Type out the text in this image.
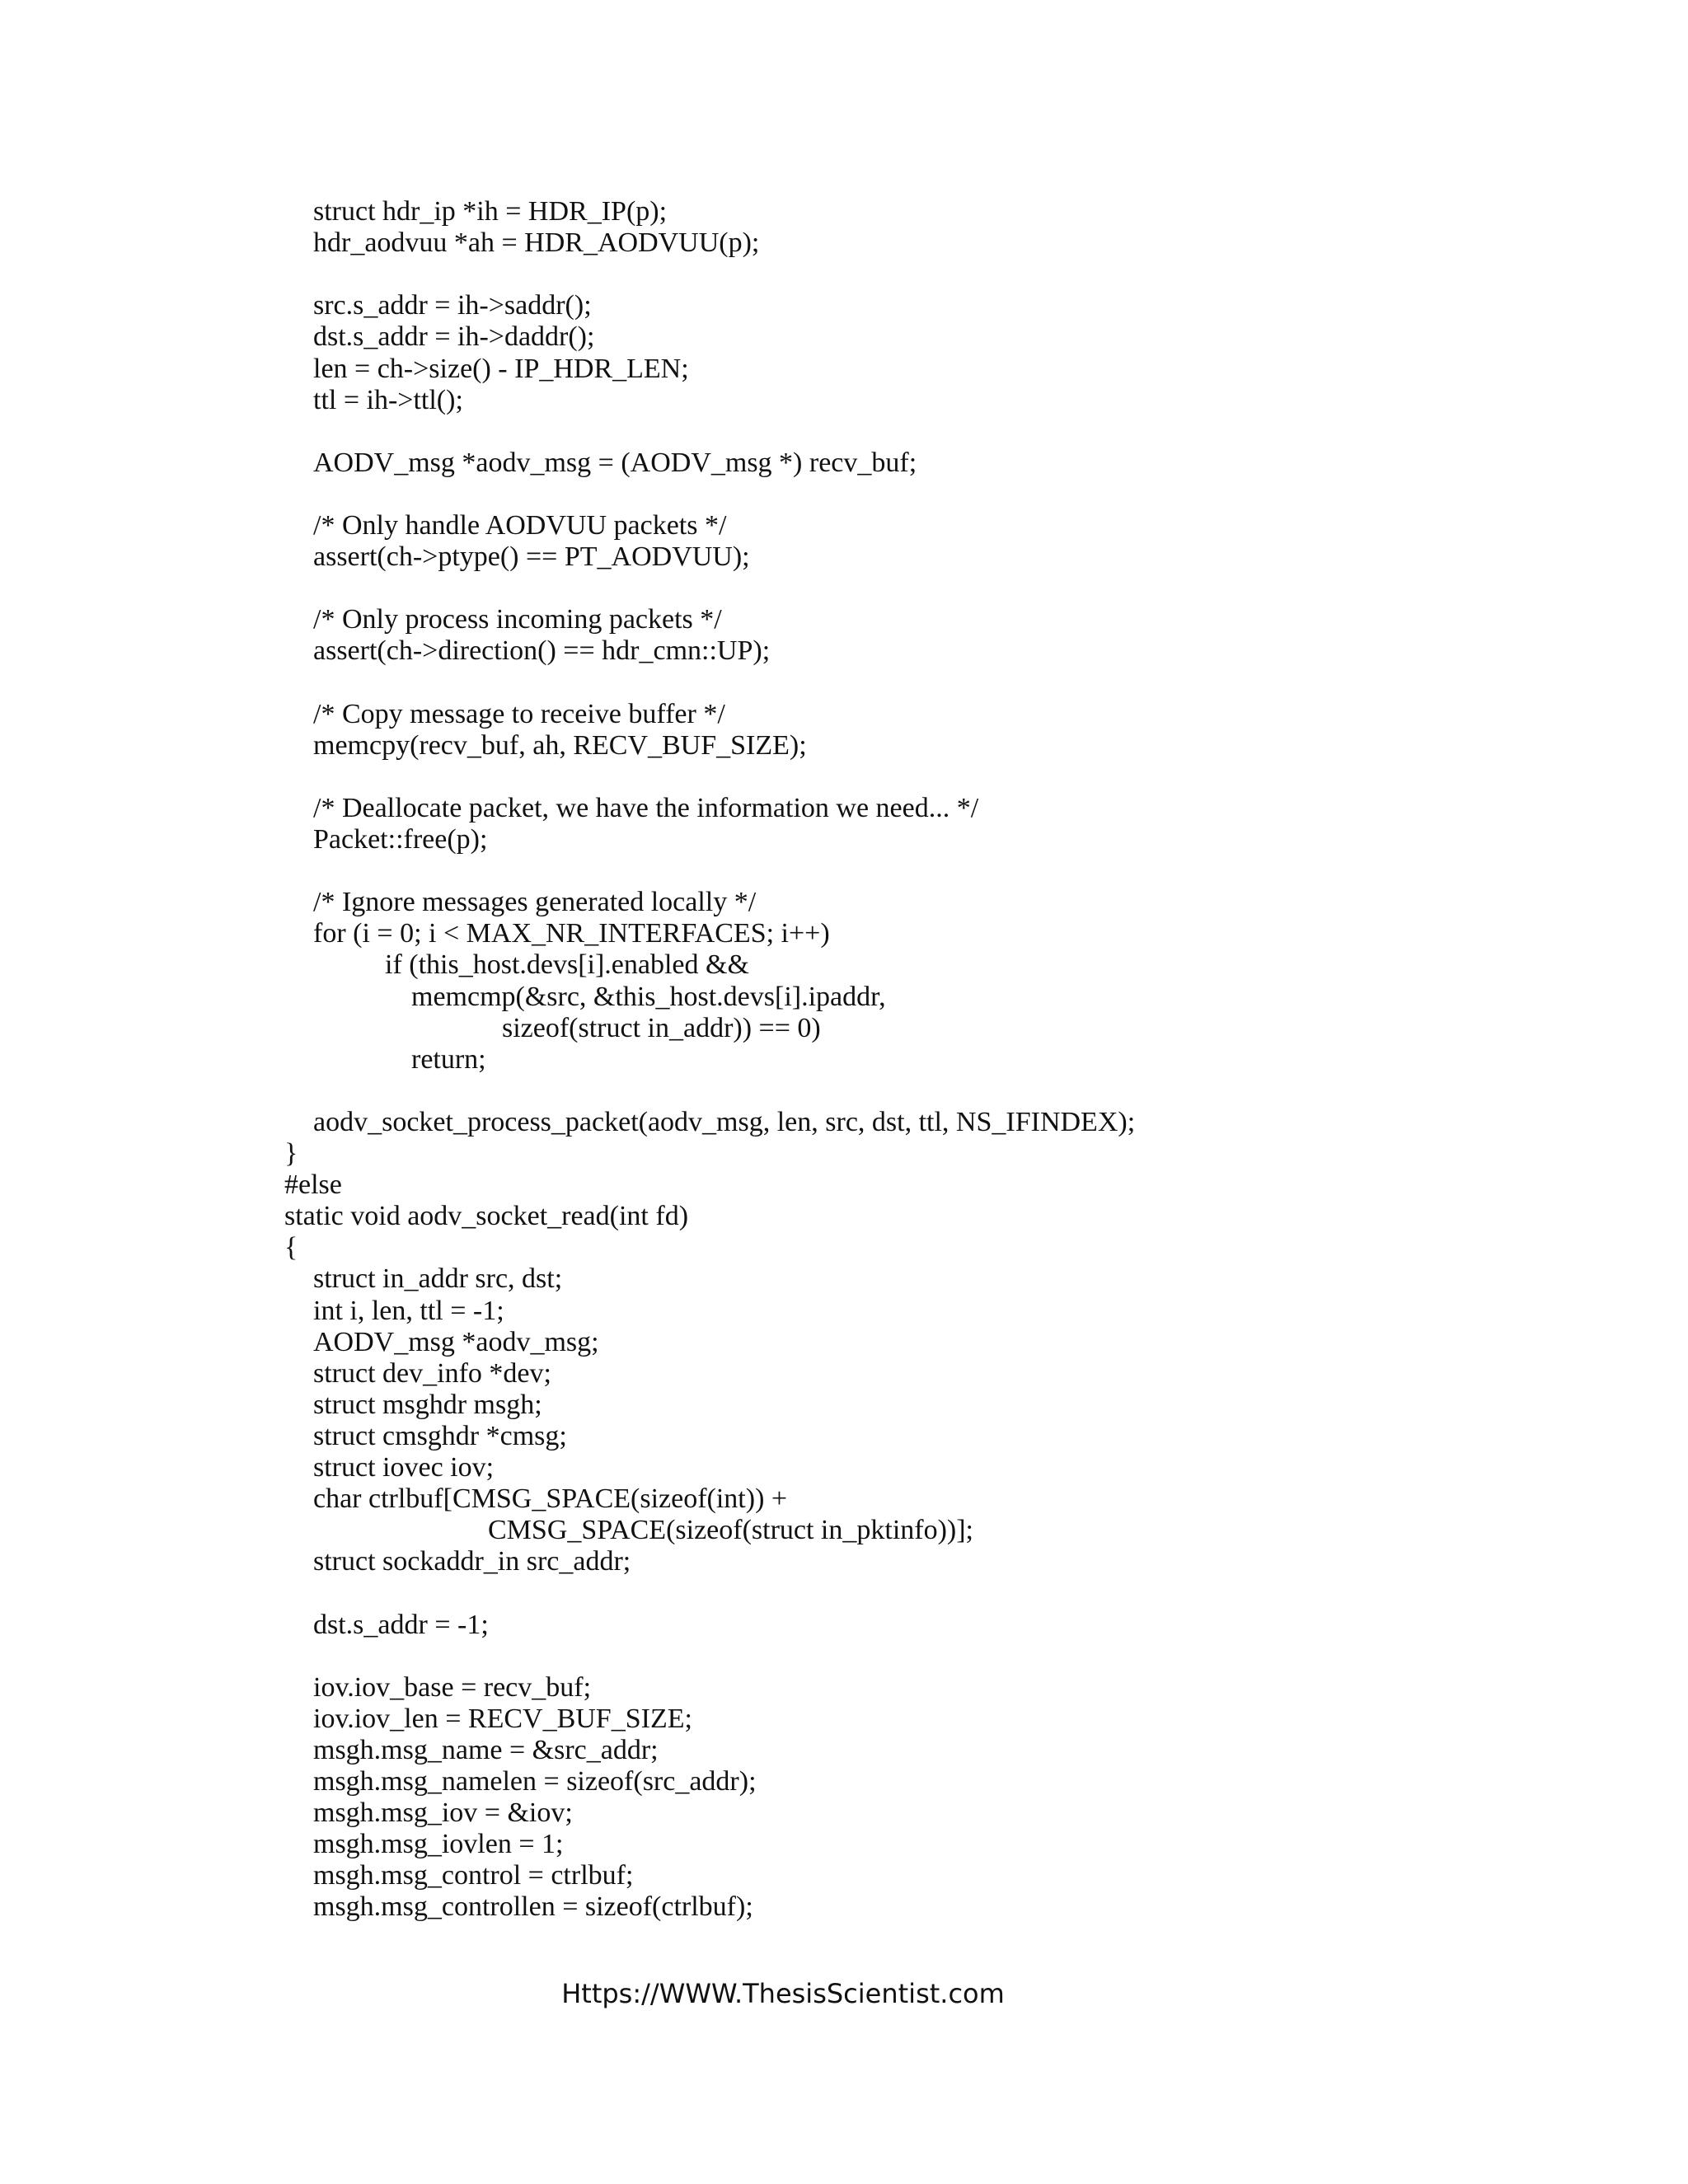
struct hdr_ip *ih = HDR_IP(p);
hdr_aodvuu *ah = HDR_AODVUU(p);
src.s_addr = ih->saddr();
dst.s_addr = ih->daddr();
len = ch->size() - IP_HDR_LEN;
ttl = ih->ttl();
AODV_msg *aodv_msg = (AODV_msg *) recv_buf;
/* Only handle AODVUU packets */
assert(ch->ptype() == PT_AODVUU);
/* Only process incoming packets */
assert(ch->direction() == hdr_cmn::UP);
/* Copy message to receive buffer */
memcpy(recv_buf, ah, RECV_BUF_SIZE);
/* Deallocate packet, we have the information we need... */
Packet::free(p);
/* Ignore messages generated locally */
for (i = 0; i < MAX_NR_INTERFACES; i++)
if (this_host.devs[i].enabled &&
memcmp(&src, &this_host.devs[i].ipaddr,
sizeof(struct in_addr)) == 0)
return;
aodv_socket_process_packet(aodv_msg, len, src, dst, ttl, NS_IFINDEX);
}
#else
static void aodv_socket_read(int fd)
{
struct in_addr src, dst;
int i, len, ttl = -1;
AODV_msg *aodv_msg;
struct dev_info *dev;
struct msghdr msgh;
struct cmsghdr *cmsg;
struct iovec iov;
char ctrlbuf[CMSG_SPACE(sizeof(int)) +
CMSG_SPACE(sizeof(struct in_pktinfo))];
struct sockaddr_in src_addr;
dst.s_addr = -1;
iov.iov_base = recv_buf;
iov.iov_len = RECV_BUF_SIZE;
msgh.msg_name = &src_addr;
msgh.msg_namelen = sizeof(src_addr);
msgh.msg_iov = &iov;
msgh.msg_iovlen = 1;
msgh.msg_control = ctrlbuf;
msgh.msg_controllen = sizeof(ctrlbuf);
Https://WWW.ThesisScientist.com
